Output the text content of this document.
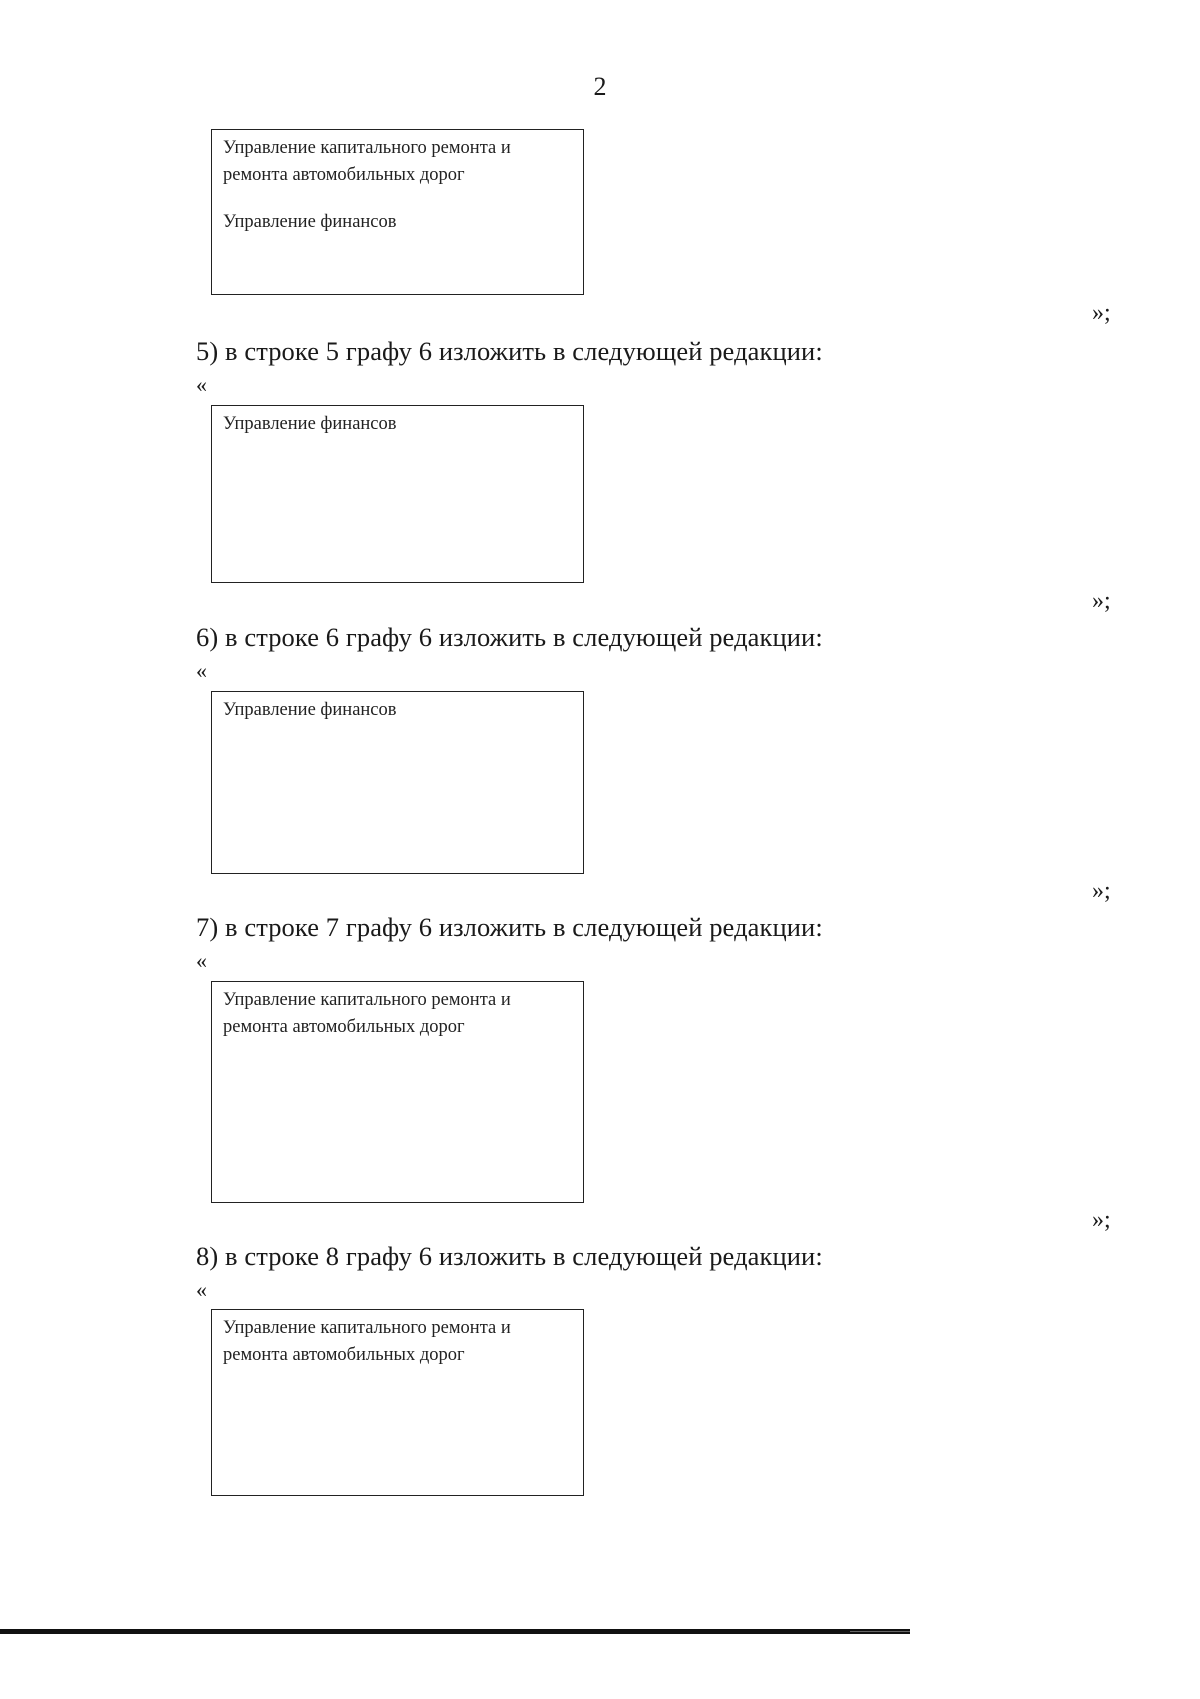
2
Управление капитального ремонта и
ремонта автомобильных дорог
Управление финансов
»;
5) в строке 5 графу 6 изложить в следующей редакции:
«
Управление финансов
»;
6) в строке 6 графу 6 изложить в следующей редакции:
«
Управление финансов
»;
7) в строке 7 графу 6 изложить в следующей редакции:
«
Управление капитального ремонта и
ремонта автомобильных дорог
»;
8) в строке 8 графу 6 изложить в следующей редакции:
«
Управление капитального ремонта и
ремонта автомобильных дорог
